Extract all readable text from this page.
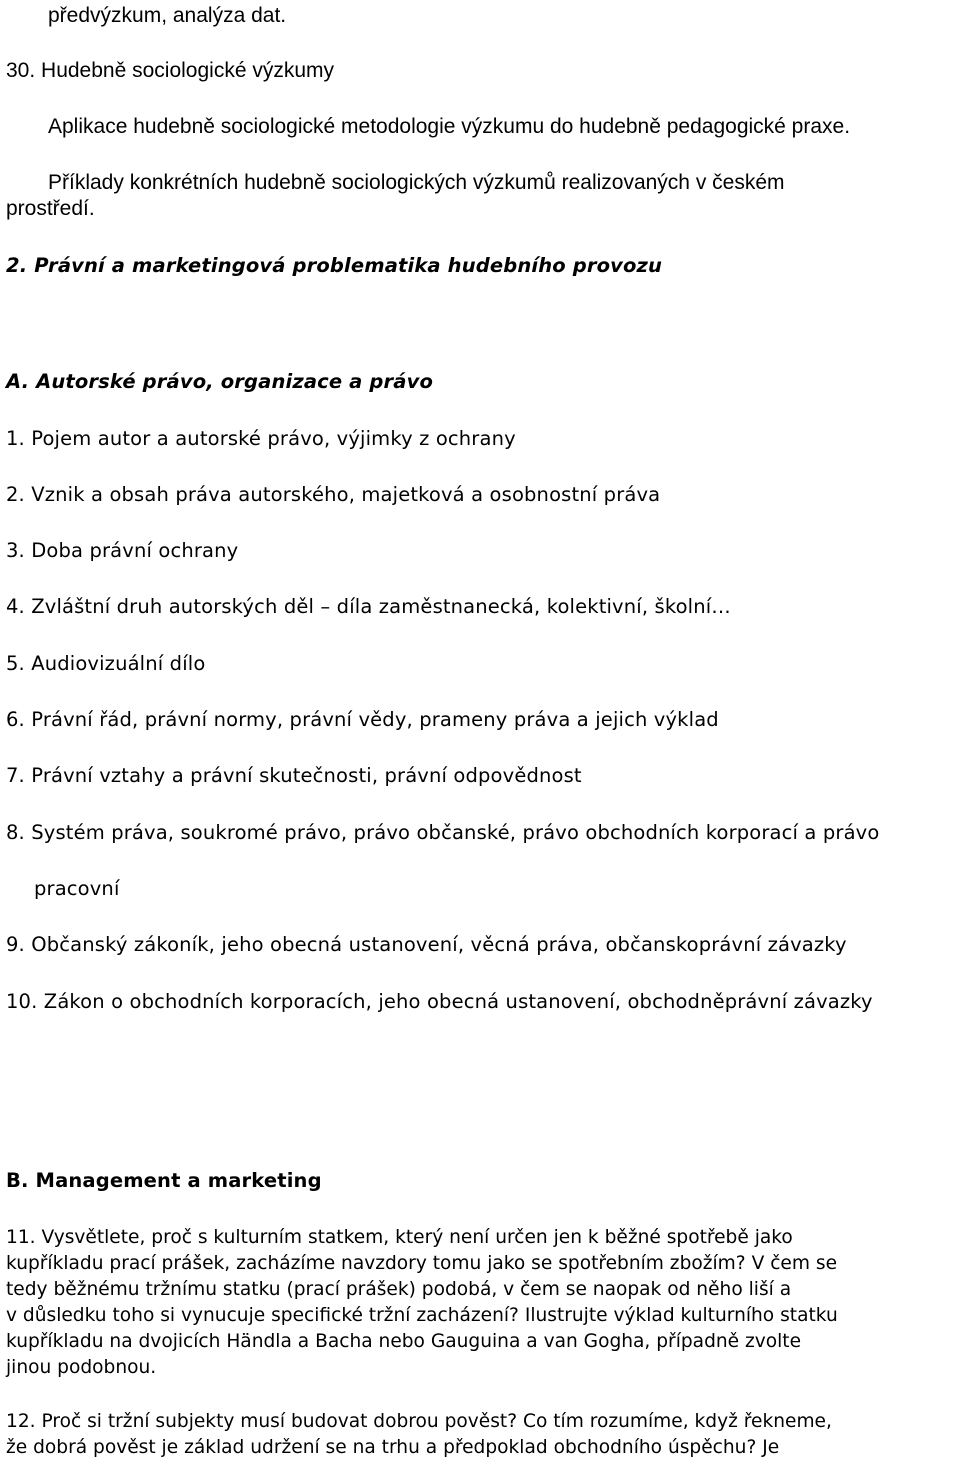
předvýzkum, analýza dat.
30. Hudebně sociologické výzkumy
Aplikace hudebně sociologické metodologie výzkumu do hudebně pedagogické praxe.
Příklady konkrétních hudebně sociologických výzkumů realizovaných v českém
prostředí.
2. Právní a marketingová problematika hudebního provozu
A. Autorské právo, organizace a právo
1. Pojem autor a autorské právo, výjimky z ochrany
2. Vznik a obsah práva autorského, majetková a osobnostní práva
3. Doba právní ochrany
4. Zvláštní druh autorských děl – díla zaměstnanecká, kolektivní, školní…
5. Audiovizuální dílo
6. Právní řád, právní normy, právní vědy, prameny práva a jejich výklad
7. Právní vztahy a právní skutečnosti, právní odpovědnost
8. Systém práva, soukromé právo, právo občanské, právo obchodních korporací a právo
pracovní
9. Občanský zákoník, jeho obecná ustanovení, věcná práva, občanskoprávní závazky
10. Zákon o obchodních korporacích, jeho obecná ustanovení, obchodněprávní závazky
B. Management a marketing
11. Vysvětlete, proč s kulturním statkem, který není určen jen k běžné spotřebě jako
kupříkladu prací prášek, zacházíme navzdory tomu jako se spotřebním zbožím? V čem se
tedy běžnému tržnímu statku (prací prášek) podobá, v čem se naopak od něho liší a
v důsledku toho si vynucuje specifické tržní zacházení? Ilustrujte výklad kulturního statku
kupříkladu na dvojicích Händla a Bacha nebo Gauguina a van Gogha, případně zvolte
jinou podobnou.
12. Proč si tržní subjekty musí budovat dobrou pověst? Co tím rozumíme, když řekneme,
že dobrá pověst je základ udržení se na trhu a předpoklad obchodního úspěchu? Je
